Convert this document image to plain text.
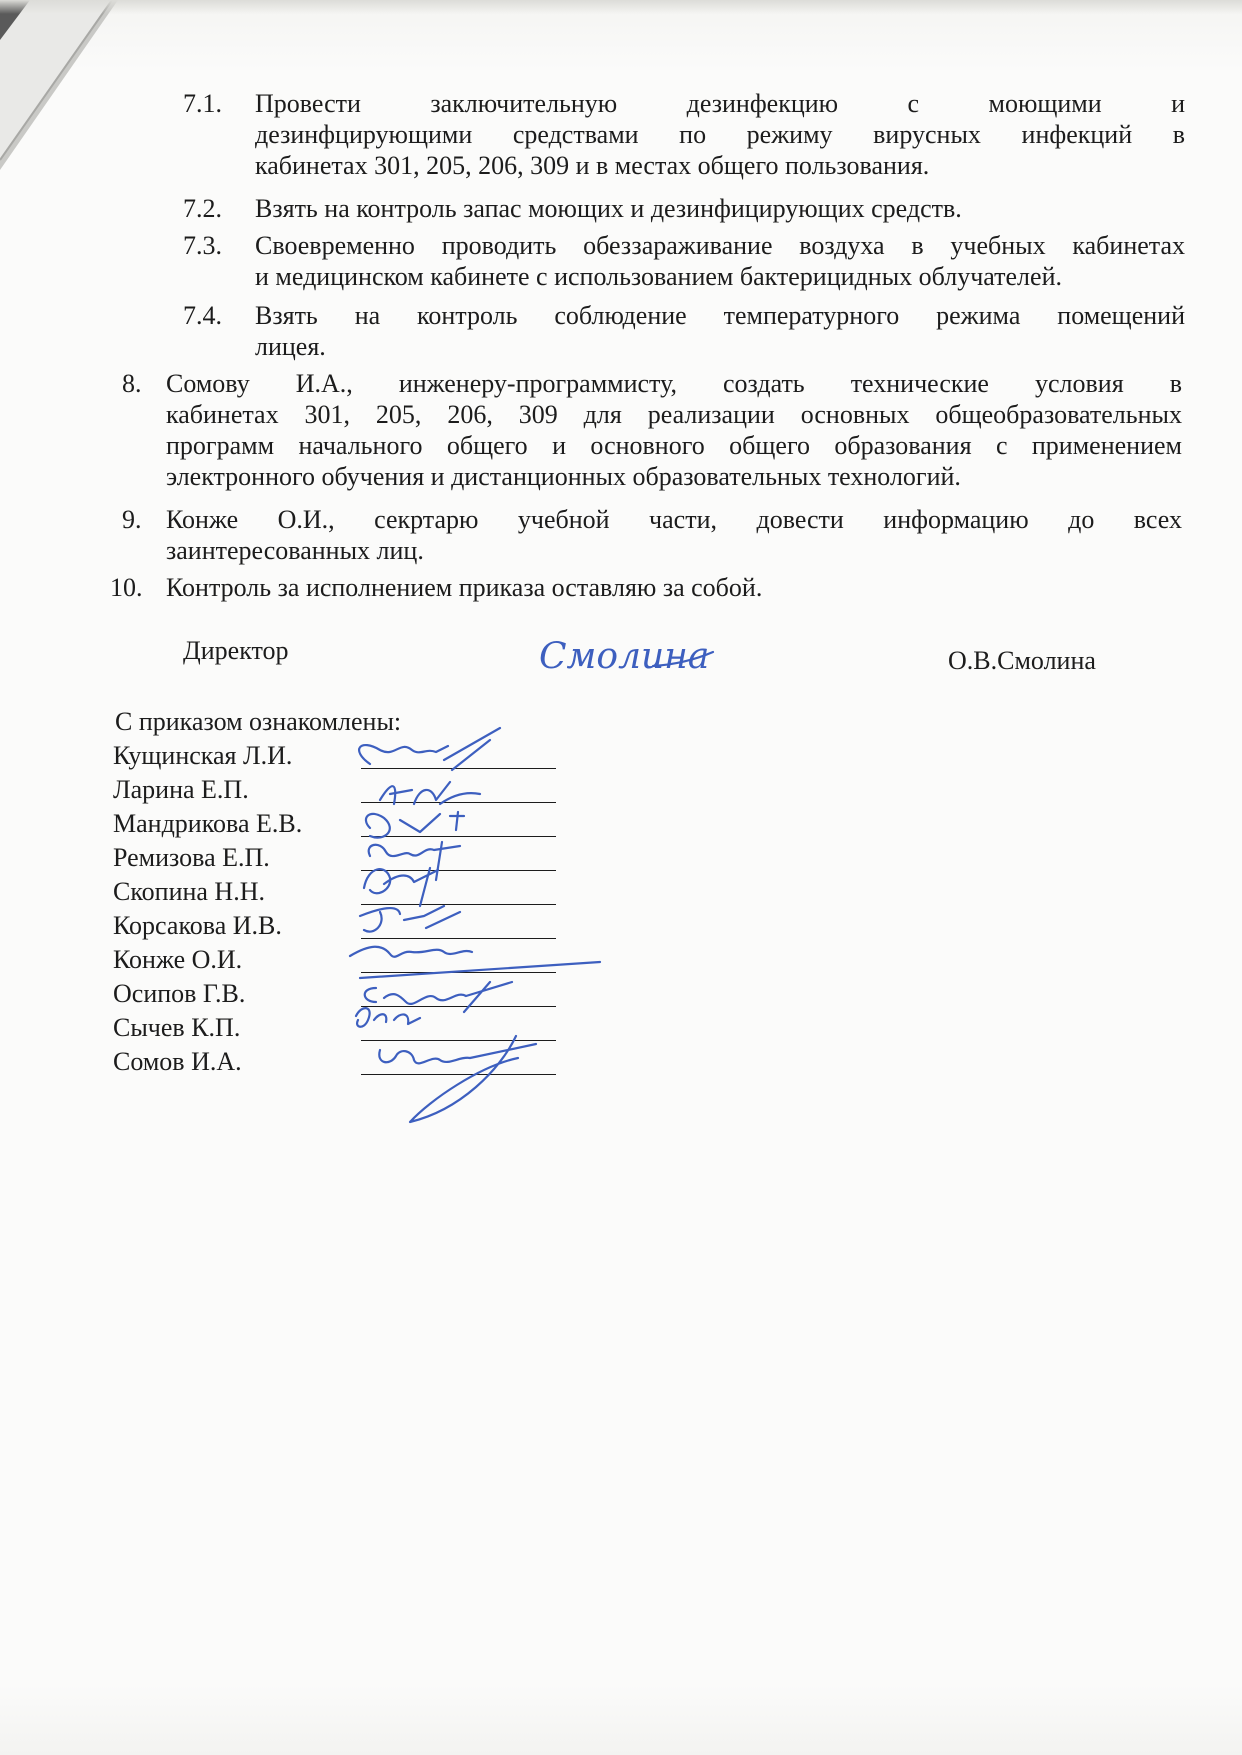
7.1. Провести заключительную дезинфекцию с моющими и
дезинфцирующими средствами по режиму вирусных инфекций в
кабинетах 301, 205, 206, 309 и в местах общего пользования.
7.2. Взять на контроль запас моющих и дезинфицирующих средств.
7.3. Своевременно проводить обеззараживание воздуха в учебных кабинетах
и медицинском кабинете с использованием бактерицидных облучателей.
7.4. Взять на контроль соблюдение температурного режима помещений
лицея.
8. Сомову И.А., инженеру-программисту, создать технические условия в
кабинетах 301, 205, 206, 309 для реализации основных общеобразовательных
программ начального общего и основного общего образования с применением
электронного обучения и дистанционных образовательных технологий.
9. Конже О.И., секртарю учебной части, довести информацию до всех
заинтересованных лиц.
10. Контроль за исполнением приказа оставляю за собой.
Директор	О.В.Смолина
Смолина
С приказом ознакомлены:
Кущинская Л.И.
Ларина Е.П.
Мандрикова Е.В.
Ремизова Е.П.
Скопина Н.Н.
Корсакова И.В.
Конже О.И.
Осипов Г.В.
Сычев К.П.
Сомов И.А.
